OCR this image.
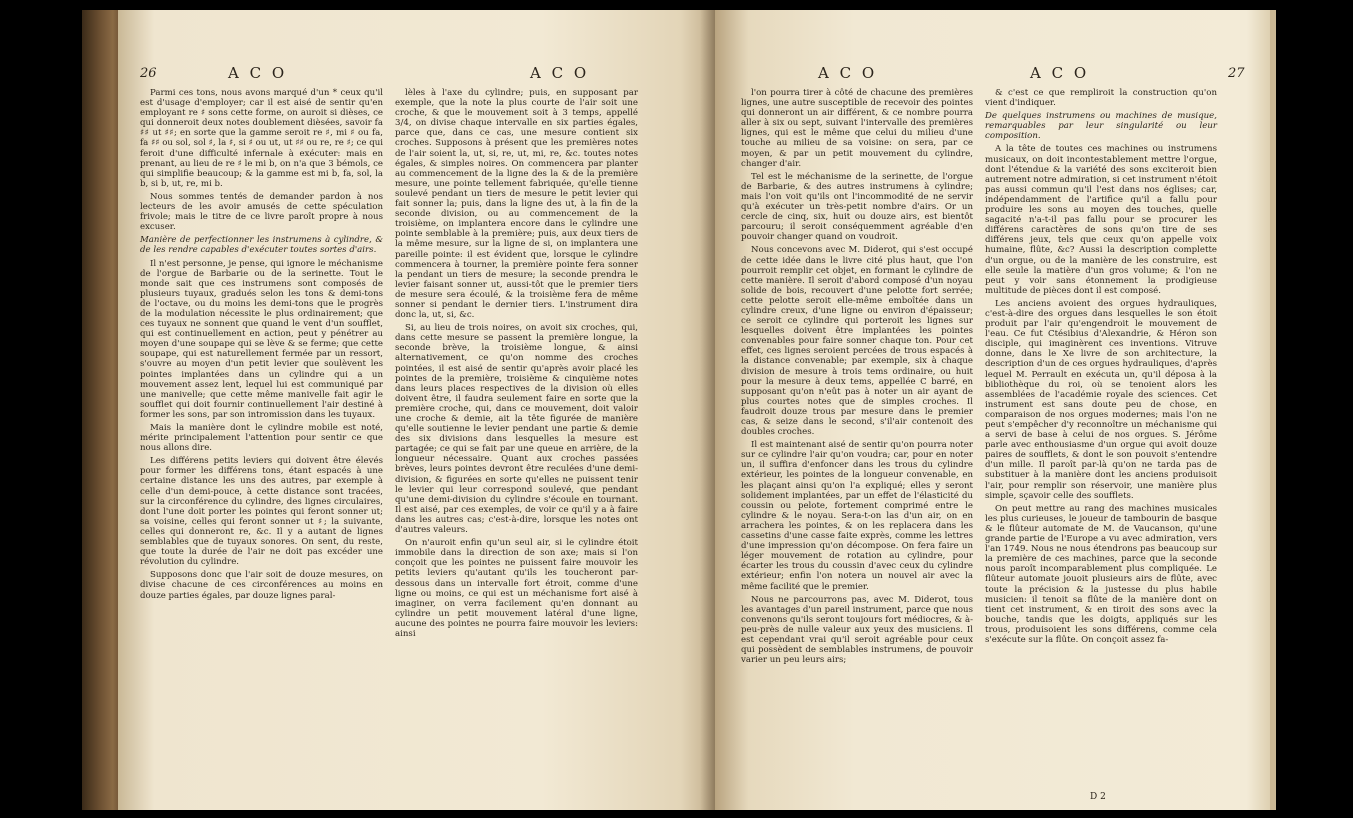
26	A C O	A C O

Parmi ces tons, nous avons marqué d'un * ceux qu'il est d'usage d'employer; car il est aisé de sentir qu'en employant re ♯ sons cette forme, on auroit si dièses, ce qui donneroit deux notes doublement dièsées, savoir fa ♯♯ ut ♯♯; en sorte que la gamme seroit re ♯, mi ♯ ou fa, fa ♯♯ ou sol, sol ♯, la ♯, si ♯ ou ut, ut ♯♯ ou re, re ♯; ce qui feroit d'une difficulté infernale à exécuter: mais en prenant, au lieu de re ♯ le mi b, on n'a que 3 bémols, ce qui simplifie beaucoup; & la gamme est mi b, fa, sol, la b, si b, ut, re, mi b.

Nous sommes tentés de demander pardon à nos lecteurs de les avoir amusés de cette spéculation frivole; mais le titre de ce livre paroît propre à nous excuser.

Manière de perfectionner les instrumens à cylindre, & de les rendre capables d'exécuter toutes sortes d'airs.

Il n'est personne, je pense, qui ignore le méchanisme de l'orgue de Barbarie ou de la serinette. Tout le monde sait que ces instrumens sont composés de plusieurs tuyaux, gradués selon les tons & demi-tons de l'octave, ou du moins les demi-tons que le progrès de la modulation nécessite le plus ordinairement; que ces tuyaux ne sonnent que quand le vent d'un soufflet, qui est continuellement en action, peut y pénétrer au moyen d'une soupape qui se lève & se ferme; que cette soupape, qui est naturellement fermée par un ressort, s'ouvre au moyen d'un petit levier que soulèvent les pointes implantées dans un cylindre qui a un mouvement assez lent, lequel lui est communiqué par une manivelle; que cette même manivelle fait agir le soufflet qui doit fournir continuellement l'air destiné à former les sons, par son intromission dans les tuyaux.

Mais la manière dont le cylindre mobile est noté, mérite principalement l'attention pour sentir ce que nous allons dire.

Les différens petits leviers qui doivent être élevés pour former les différens tons, étant espacés à une certaine distance les uns des autres, par exemple à celle d'un demi-pouce, à cette distance sont tracées, sur la circonférence du cylindre, des lignes circulaires, dont l'une doit porter les pointes qui feront sonner ut; sa voisine, celles qui feront sonner ut ♯; la suivante, celles qui donneront re, &c. Il y a autant de lignes semblables que de tuyaux sonores. On sent, du reste, que toute la durée de l'air ne doit pas excéder une révolution du cylindre.

Supposons donc que l'air soit de douze mesures, on divise chacune de ces circonférences au moins en douze parties égales, par douze lignes paral-

lèles à l'axe du cylindre; puis, en supposant par exemple, que la note la plus courte de l'air soit une croche, & que le mouvement soit à 3 temps, appellé 3/4, on divise chaque intervalle en six parties égales, parce que, dans ce cas, une mesure contient six croches. Supposons à présent que les premières notes de l'air soient la, ut, si, re, ut, mi, re, &c. toutes notes égales, & simples noires. On commencera par planter au commencement de la ligne des la & de la première mesure, une pointe tellement fabriquée, qu'elle tienne soulevé pendant un tiers de mesure le petit levier qui fait sonner la; puis, dans la ligne des ut, à la fin de la seconde division, ou au commencement de la troisième, on implantera encore dans le cylindre une pointe semblable à la première; puis, aux deux tiers de la même mesure, sur la ligne de si, on implantera une pareille pointe: il est évident que, lorsque le cylindre commencera à tourner, la première pointe fera sonner la pendant un tiers de mesure; la seconde prendra le levier faisant sonner ut, aussi-tôt que le premier tiers de mesure sera écoulé, & la troisième fera de même sonner si pendant le dernier tiers. L'instrument dira donc la, ut, si, &c.

Si, au lieu de trois noires, on avoit six croches, qui, dans cette mesure se passent la première longue, la seconde brève, la troisième longue, & ainsi alternativement, ce qu'on nomme des croches pointées, il est aisé de sentir qu'après avoir placé les pointes de la première, troisième & cinquième notes dans leurs places respectives de la division où elles doivent être, il faudra seulement faire en sorte que la première croche, qui, dans ce mouvement, doit valoir une croche & demie, ait la tête figurée de manière qu'elle soutienne le levier pendant une partie & demie des six divisions dans lesquelles la mesure est partagée; ce qui se fait par une queue en arrière, de la longueur nécessaire. Quant aux croches passées brèves, leurs pointes devront être reculées d'une demi-division, & figurées en sorte qu'elles ne puissent tenir le levier qui leur correspond soulevé, que pendant qu'une demi-division du cylindre s'écoule en tournant. Il est aisé, par ces exemples, de voir ce qu'il y a à faire dans les autres cas; c'est-à-dire, lorsque les notes ont d'autres valeurs.

On n'auroit enfin qu'un seul air, si le cylindre étoit immobile dans la direction de son axe; mais si l'on conçoit que les pointes ne puissent faire mouvoir les petits leviers qu'autant qu'ils les toucheront par-dessous dans un intervalle fort étroit, comme d'une ligne ou moins, ce qui est un méchanisme fort aisé à imaginer, on verra facilement qu'en donnant au cylindre un petit mouvement latéral d'une ligne, aucune des pointes ne pourra faire mouvoir les leviers: ainsi

A C O	A C O	27

l'on pourra tirer à côté de chacune des premières lignes, une autre susceptible de recevoir des pointes qui donneront un air différent, & ce nombre pourra aller à six ou sept, suivant l'intervalle des premières lignes, qui est le même que celui du milieu d'une touche au milieu de sa voisine: on sera, par ce moyen, & par un petit mouvement du cylindre, changer d'air.

Tel est le méchanisme de la serinette, de l'orgue de Barbarie, & des autres instrumens à cylindre; mais l'on voit qu'ils ont l'incommodité de ne servir qu'à exécuter un très-petit nombre d'airs. Or un cercle de cinq, six, huit ou douze airs, est bientôt parcouru; il seroit conséquemment agréable d'en pouvoir changer quand on voudroit.

Nous concevons avec M. Diderot, qui s'est occupé de cette idée dans le livre cité plus haut, que l'on pourroit remplir cet objet, en formant le cylindre de cette manière. Il seroit d'abord composé d'un noyau solide de bois, recouvert d'une pelotte fort serrée; cette pelotte seroit elle-même emboîtée dans un cylindre creux, d'une ligne ou environ d'épaisseur; ce seroit ce cylindre qui porteroit les lignes sur lesquelles doivent être implantées les pointes convenables pour faire sonner chaque ton. Pour cet effet, ces lignes seroient percées de trous espacés à la distance convenable; par exemple, six à chaque division de mesure à trois tems ordinaire, ou huit pour la mesure à deux tems, appellée C barré, en supposant qu'on n'eût pas à noter un air ayant de plus courtes notes que de simples croches. Il faudroit douze trous par mesure dans le premier cas, & seize dans le second, s'il'air contenoit des doubles croches.

Il est maintenant aisé de sentir qu'on pourra noter sur ce cylindre l'air qu'on voudra; car, pour en noter un, il suffira d'enfoncer dans les trous du cylindre extérieur, les pointes de la longueur convenable, en les plaçant ainsi qu'on l'a expliqué; elles y seront solidement implantées, par un effet de l'élasticité du coussin ou pelote, fortement comprimé entre le cylindre & le noyau. Sera-t-on las d'un air, on en arrachera les pointes, & on les replacera dans les cassetins d'une casse faite exprès, comme les lettres d'une impression qu'on décompose. On fera faire un léger mouvement de rotation au cylindre, pour écarter les trous du coussin d'avec ceux du cylindre extérieur; enfin l'on notera un nouvel air avec la même facilité que le premier.

Nous ne parcourrons pas, avec M. Diderot, tous les avantages d'un pareil instrument, parce que nous convenons qu'ils seront toujours fort médiocres, & à-peu-près de nulle valeur aux yeux des musiciens. Il est cependant vrai qu'il seroit agréable pour ceux qui possèdent de semblables instrumens, de pouvoir varier un peu leurs airs;

& c'est ce que rempliroit la construction qu'on vient d'indiquer.

De quelques instrumens ou machines de musique, remarquables par leur singularité ou leur composition.

A la tête de toutes ces machines ou instrumens musicaux, on doit incontestablement mettre l'orgue, dont l'étendue & la variété des sons exciteroit bien autrement notre admiration, si cet instrument n'étoit pas aussi commun qu'il l'est dans nos églises; car, indépendamment de l'artifice qu'il a fallu pour produire les sons au moyen des touches, quelle sagacité n'a-t-il pas fallu pour se procurer les différens caractères de sons qu'on tire de ses différens jeux, tels que ceux qu'on appelle voix humaine, flûte, &c? Aussi la description complette d'un orgue, ou de la manière de les construire, est elle seule la matière d'un gros volume; & l'on ne peut y voir sans étonnement la prodigieuse multitude de pièces dont il est composé.

Les anciens avoient des orgues hydrauliques, c'est-à-dire des orgues dans lesquelles le son étoit produit par l'air qu'engendroit le mouvement de l'eau. Ce fut Ctésibius d'Alexandrie, & Héron son disciple, qui imaginèrent ces inventions. Vitruve donne, dans le Xe livre de son architecture, la description d'un de ces orgues hydrauliques, d'après lequel M. Perrault en exécuta un, qu'il déposa à la bibliothèque du roi, où se tenoient alors les assemblées de l'académie royale des sciences. Cet instrument est sans doute peu de chose, en comparaison de nos orgues modernes; mais l'on ne peut s'empêcher d'y reconnoître un méchanisme qui a servi de base à celui de nos orgues. S. Jérôme parle avec enthousiasme d'un orgue qui avoit douze paires de soufflets, & dont le son pouvoit s'entendre d'un mille. Il paroît par-là qu'on ne tarda pas de substituer à la manière dont les anciens produisoit l'air, pour remplir son réservoir, une manière plus simple, sçavoir celle des soufflets.

On peut mettre au rang des machines musicales les plus curieuses, le joueur de tambourin de basque & le flûteur automate de M. de Vaucanson, qu'une grande partie de l'Europe a vu avec admiration, vers l'an 1749. Nous ne nous étendrons pas beaucoup sur la première de ces machines, parce que la seconde nous paroît incomparablement plus compliquée. Le flûteur automate jouoit plusieurs airs de flûte, avec toute la précision & la justesse du plus habile musicien: il tenoit sa flûte de la manière dont on tient cet instrument, & en tiroit des sons avec la bouche, tandis que les doigts, appliqués sur les trous, produisoient les sons différens, comme cela s'exécute sur la flûte. On conçoit assez fa-

D 2
